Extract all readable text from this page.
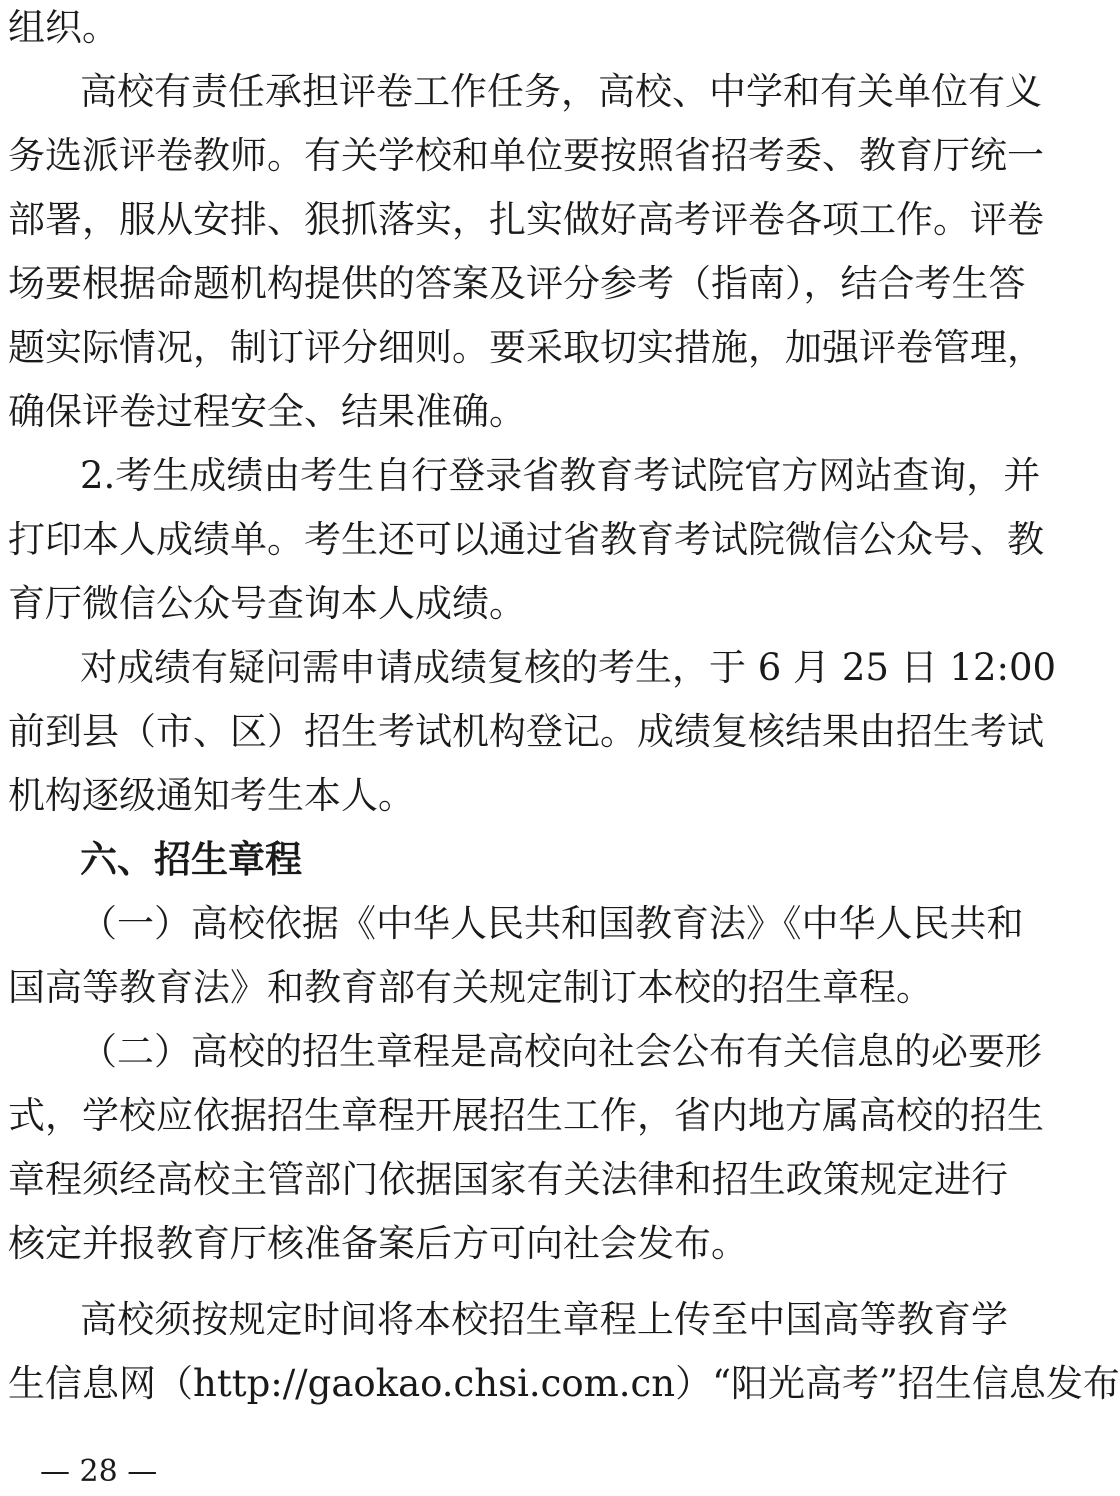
组织。
高校有责任承担评卷工作任务，高校、中学和有关单位有义
务选派评卷教师。有关学校和单位要按照省招考委、教育厅统一
部署，服从安排、狠抓落实，扎实做好高考评卷各项工作。评卷
场要根据命题机构提供的答案及评分参考（指南），结合考生答
题实际情况，制订评分细则。要采取切实措施，加强评卷管理，
确保评卷过程安全、结果准确。
2.考生成绩由考生自行登录省教育考试院官方网站查询，并
打印本人成绩单。考生还可以通过省教育考试院微信公众号、教
育厅微信公众号查询本人成绩。
对成绩有疑问需申请成绩复核的考生，于 6 月 25 日 12:00
前到县（市、区）招生考试机构登记。成绩复核结果由招生考试
机构逐级通知考生本人。
六、招生章程
（一）高校依据《中华人民共和国教育法》《中华人民共和
国高等教育法》和教育部有关规定制订本校的招生章程。
（二）高校的招生章程是高校向社会公布有关信息的必要形
式，学校应依据招生章程开展招生工作，省内地方属高校的招生
章程须经高校主管部门依据国家有关法律和招生政策规定进行
核定并报教育厅核准备案后方可向社会发布。
高校须按规定时间将本校招生章程上传至中国高等教育学
生信息网（http://gaokao.chsi.com.cn）“阳光高考”招生信息发布
— 28 —
